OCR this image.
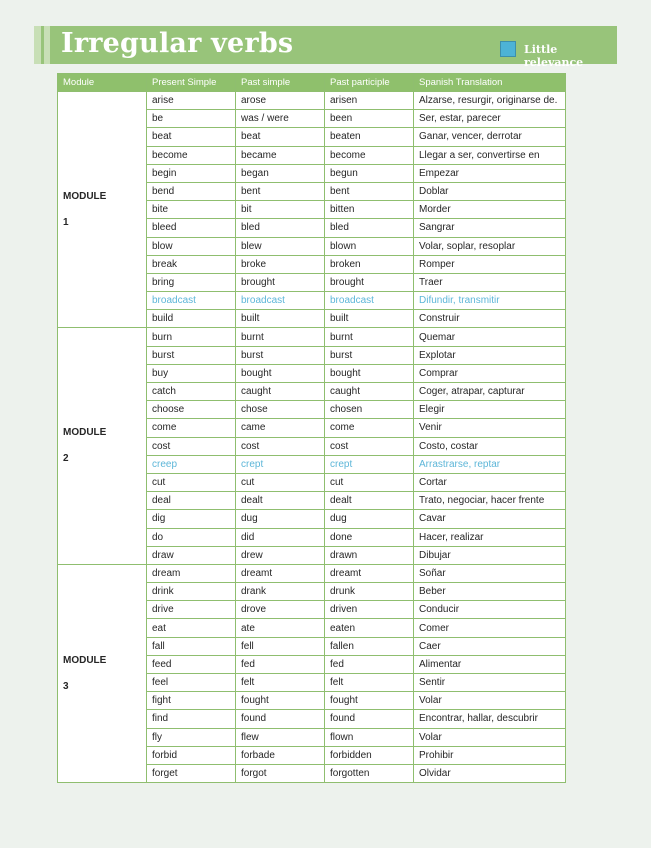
Irregular verbs	Little relevance
Module	Present Simple	Past simple	Past participle	Spanish Translation

MODULE
1	arise	arose	arisen	Alzarse, resurgir, originarse de.
	be	was / were	been	Ser, estar, parecer
	beat	beat	beaten	Ganar, vencer, derrotar
	become	became	become	Llegar a ser, convertirse en
	begin	began	begun	Empezar
	bend	bent	bent	Doblar
	bite	bit	bitten	Morder
	bleed	bled	bled	Sangrar
	blow	blew	blown	Volar, soplar, resoplar
	break	broke	broken	Romper
	bring	brought	brought	Traer
	broadcast	broadcast	broadcast	Difundir, transmitir
	build	built	built	Construir

MODULE
2	burn	burnt	burnt	Quemar
	burst	burst	burst	Explotar
	buy	bought	bought	Comprar
	catch	caught	caught	Coger, atrapar, capturar
	choose	chose	chosen	Elegir
	come	came	come	Venir
	cost	cost	cost	Costo, costar
	creep	crept	crept	Arrastrarse, reptar
	cut	cut	cut	Cortar
	deal	dealt	dealt	Trato, negociar, hacer frente
	dig	dug	dug	Cavar
	do	did	done	Hacer, realizar
	draw	drew	drawn	Dibujar

MODULE
3	dream	dreamt	dreamt	Soñar
	drink	drank	drunk	Beber
	drive	drove	driven	Conducir
	eat	ate	eaten	Comer
	fall	fell	fallen	Caer
	feed	fed	fed	Alimentar
	feel	felt	felt	Sentir
	fight	fought	fought	Volar
	find	found	found	Encontrar, hallar, descubrir
	fly	flew	flown	Volar
	forbid	forbade	forbidden	Prohibir
	forget	forgot	forgotten	Olvidar
